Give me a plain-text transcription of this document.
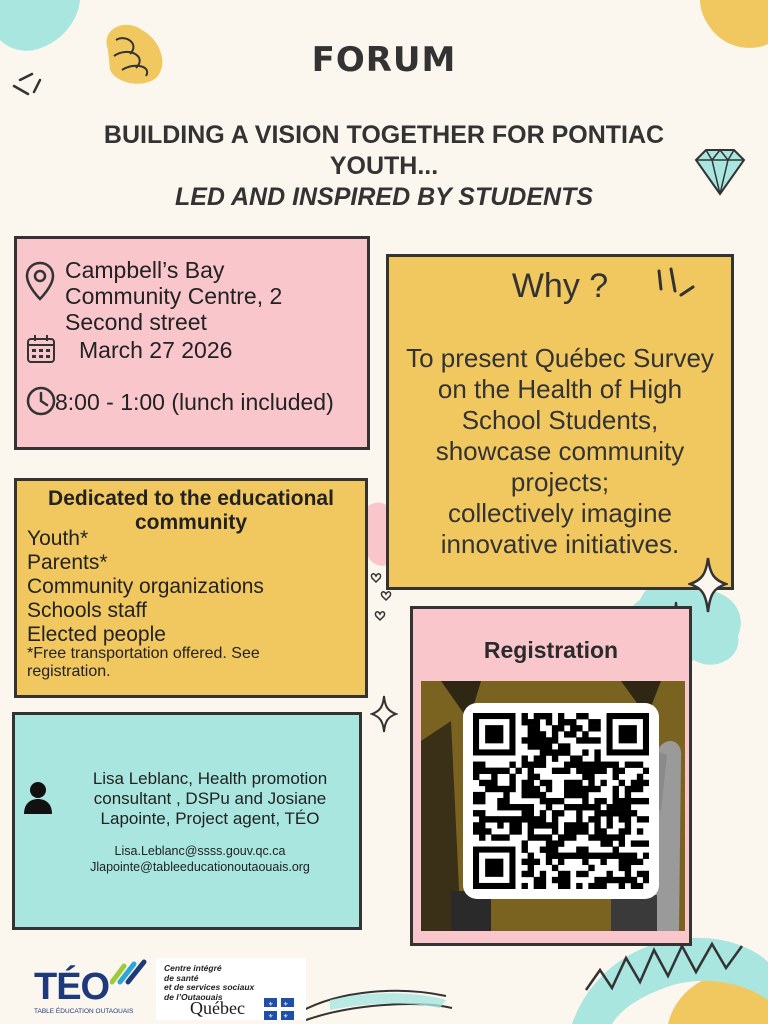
FORUM
BUILDING A VISION TOGETHER FOR PONTIAC
YOUTH...
LED AND INSPIRED BY STUDENTS
Campbell’s Bay
Community Centre, 2
Second street
March 27 2026
8:00 - 1:00 (lunch included)
Why ?
To present Québec Survey
on the Health of High
School Students,
showcase community
projects;
collectively imagine
innovative initiatives.
Dedicated to the educational community
Youth*
Parents*
Community organizations
Schools staff
Elected people
*Free transportation offered. See registration.
Registration
Lisa Leblanc, Health promotion
consultant , DSPu and Josiane
Lapointe, Project agent, TÉO
Lisa.Leblanc@ssss.gouv.qc.ca
Jlapointe@tableeducationoutaouais.org
TÉO
TABLE ÉDUCATION OUTAOUAIS
Centre intégré
de santé
et de services sociaux
de l’Outaouais
Québec	⚜ ⚜
⚜ ⚜
